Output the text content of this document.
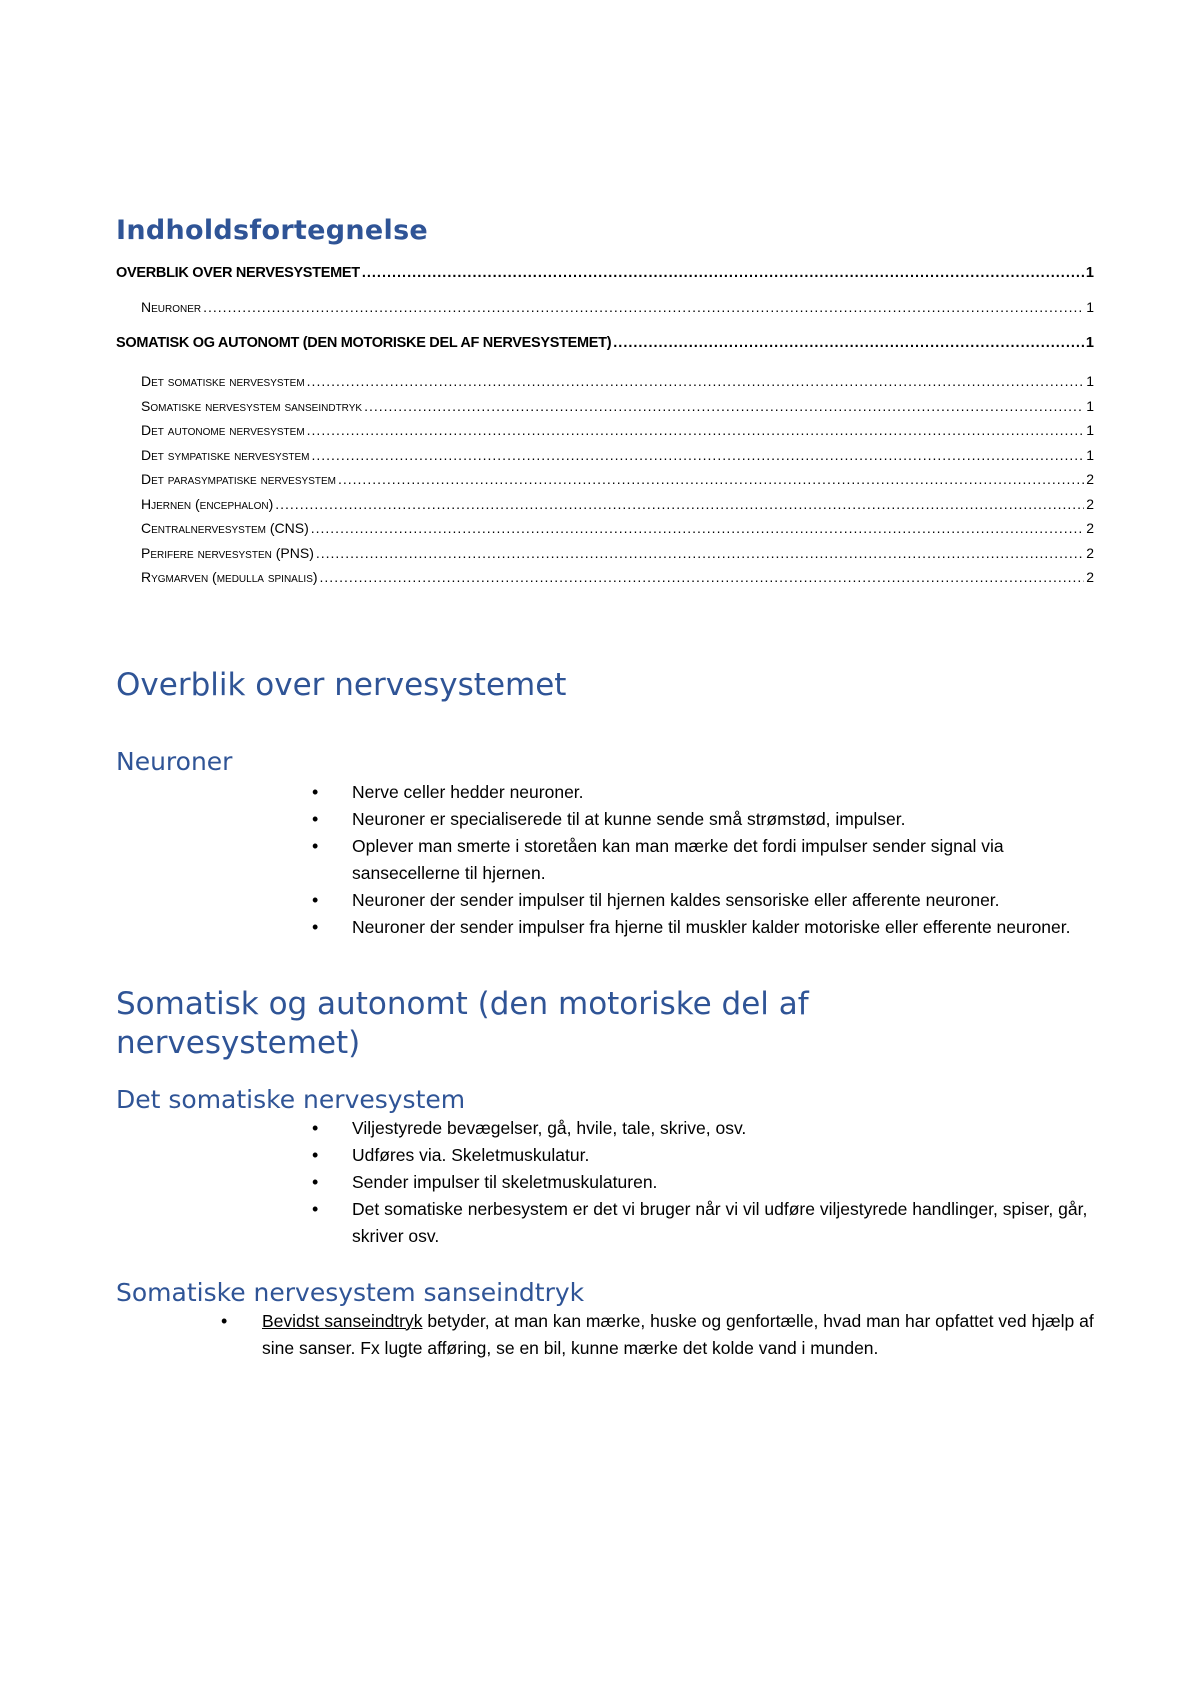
Indholdsfortegnelse
OVERBLIK OVER NERVESYSTEMET .....	1
Neuroner .....	1
SOMATISK OG AUTONOMT (DEN MOTORISKE DEL AF NERVESYSTEMET) .....	1
Det somatiske nervesystem .....	1
Somatiske nervesystem sanseindtryk .....	1
Det autonome nervesystem .....	1
Det sympatiske nervesystem .....	1
Det parasympatiske nervesystem .....	2
Hjernen (encephalon) .....	2
Centralnervesystem (CNS) .....	2
Perifere nervesysten (PNS) .....	2
Rygmarven (medulla spinalis) .....	2
Overblik over nervesystemet
Neuroner
• Nerve celler hedder neuroner.
• Neuroner er specialiserede til at kunne sende små strømstød, impulser.
• Oplever man smerte i storetåen kan man mærke det fordi impulser sender signal via sansecellerne til hjernen.
• Neuroner der sender impulser til hjernen kaldes sensoriske eller afferente neuroner.
• Neuroner der sender impulser fra hjerne til muskler kalder motoriske eller efferente neuroner.
Somatisk og autonomt (den motoriske del af nervesystemet)
Det somatiske nervesystem
• Viljestyrede bevægelser, gå, hvile, tale, skrive, osv.
• Udføres via. Skeletmuskulatur.
• Sender impulser til skeletmuskulaturen.
• Det somatiske nerbesystem er det vi bruger når vi vil udføre viljestyrede handlinger, spiser, går, skriver osv.
Somatiske nervesystem sanseindtryk
• Bevidst sanseindtryk betyder, at man kan mærke, huske og genfortælle, hvad man har opfattet ved hjælp af sine sanser. Fx lugte afføring, se en bil, kunne mærke det kolde vand i munden.
